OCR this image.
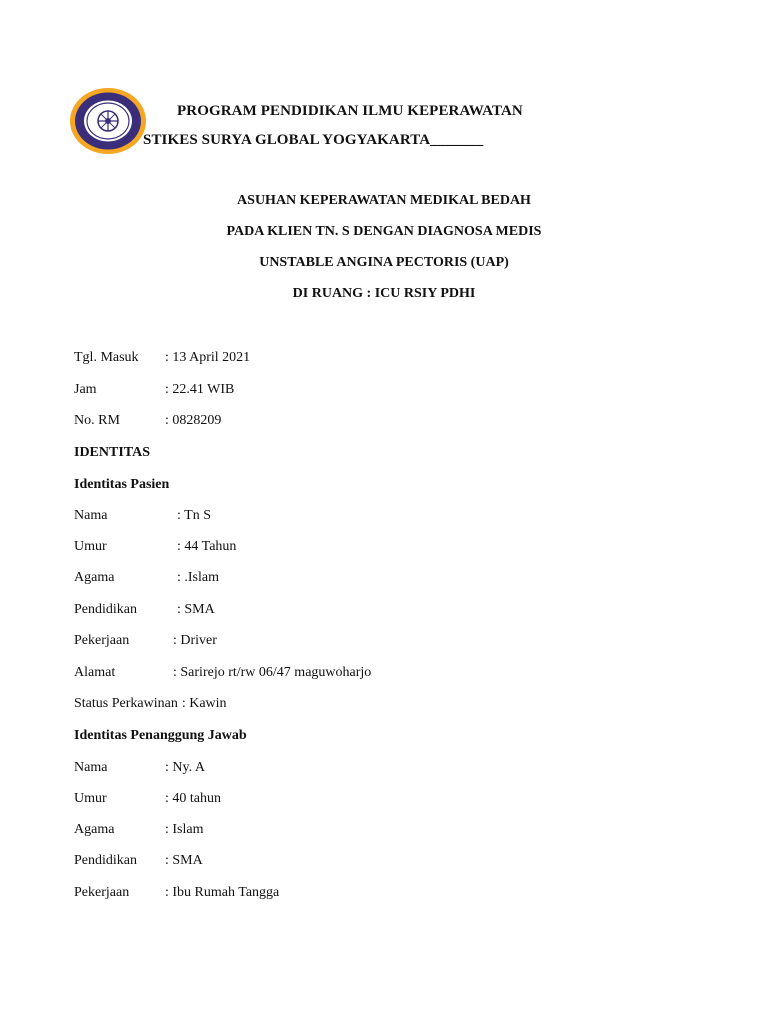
PROGRAM PENDIDIKAN ILMU KEPERAWATAN
STIKES SURYA GLOBAL YOGYAKARTA_______
ASUHAN KEPERAWATAN MEDIKAL BEDAH
PADA KLIEN TN. S DENGAN DIAGNOSA MEDIS
UNSTABLE ANGINA PECTORIS (UAP)
DI RUANG : ICU RSIY PDHI
Tgl. Masuk : 13 April 2021
Jam	: 22.41 WIB
No. RM	: 0828209
IDENTITAS
Identitas Pasien
Nama	: Tn S
Umur	: 44 Tahun
Agama	: .Islam
Pendidikan	: SMA
Pekerjaan	: Driver
Alamat	: Sarirejo rt/rw 06/47 maguwoharjo
Status Perkawinan : Kawin
Identitas Penanggung Jawab
Nama	: Ny. A
Umur	: 40 tahun
Agama	: Islam
Pendidikan : SMA
Pekerjaan	: Ibu Rumah Tangga
